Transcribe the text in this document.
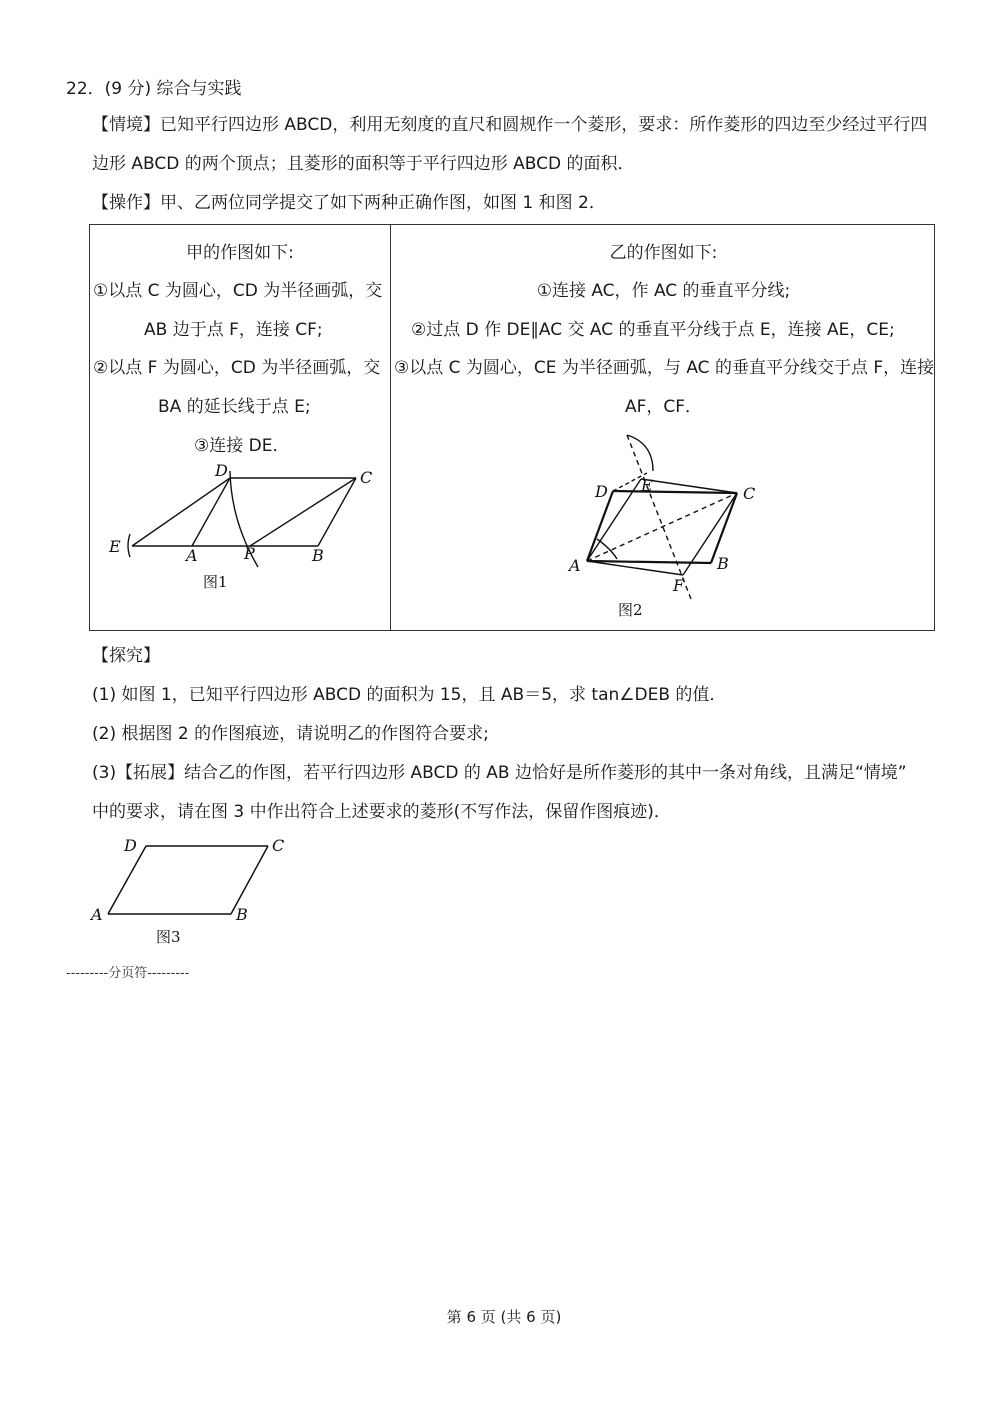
22．(9 分) 综合与实践
【情境】已知平行四边形 ABCD，利用无刻度的直尺和圆规作一个菱形，要求：所作菱形的四边至少经过平行四
边形 ABCD 的两个顶点；且菱形的面积等于平行四边形 ABCD 的面积．
【操作】甲、乙两位同学提交了如下两种正确作图，如图 1 和图 2．
甲的作图如下:
①以点 C 为圆心，CD 为半径画弧，交
AB 边于点 F，连接 CF;
②以点 F 为圆心，CD 为半径画弧，交
BA 的延长线于点 E;
③连接 DE．
D	C
E	A	P	B
图1

乙的作图如下:
①连接 AC，作 AC 的垂直平分线;
②过点 D 作 DE∥AC 交 AC 的垂直平分线于点 E，连接 AE，CE;
③以点 C 为圆心，CE 为半径画弧，与 AC 的垂直平分线交于点 F，连接
AF，CF．
E
D	C
A	B
F
图2
【探究】
(1) 如图 1，已知平行四边形 ABCD 的面积为 15，且 AB＝5，求 tan∠DEB 的值．
(2) 根据图 2 的作图痕迹，请说明乙的作图符合要求;
(3)【拓展】结合乙的作图，若平行四边形 ABCD 的 AB 边恰好是所作菱形的其中一条对角线，且满足“情境”
中的要求，请在图 3 中作出符合上述要求的菱形(不写作法，保留作图痕迹)．
D	C
A	B
图3
---------分页符---------
第 6 页 (共 6 页)
